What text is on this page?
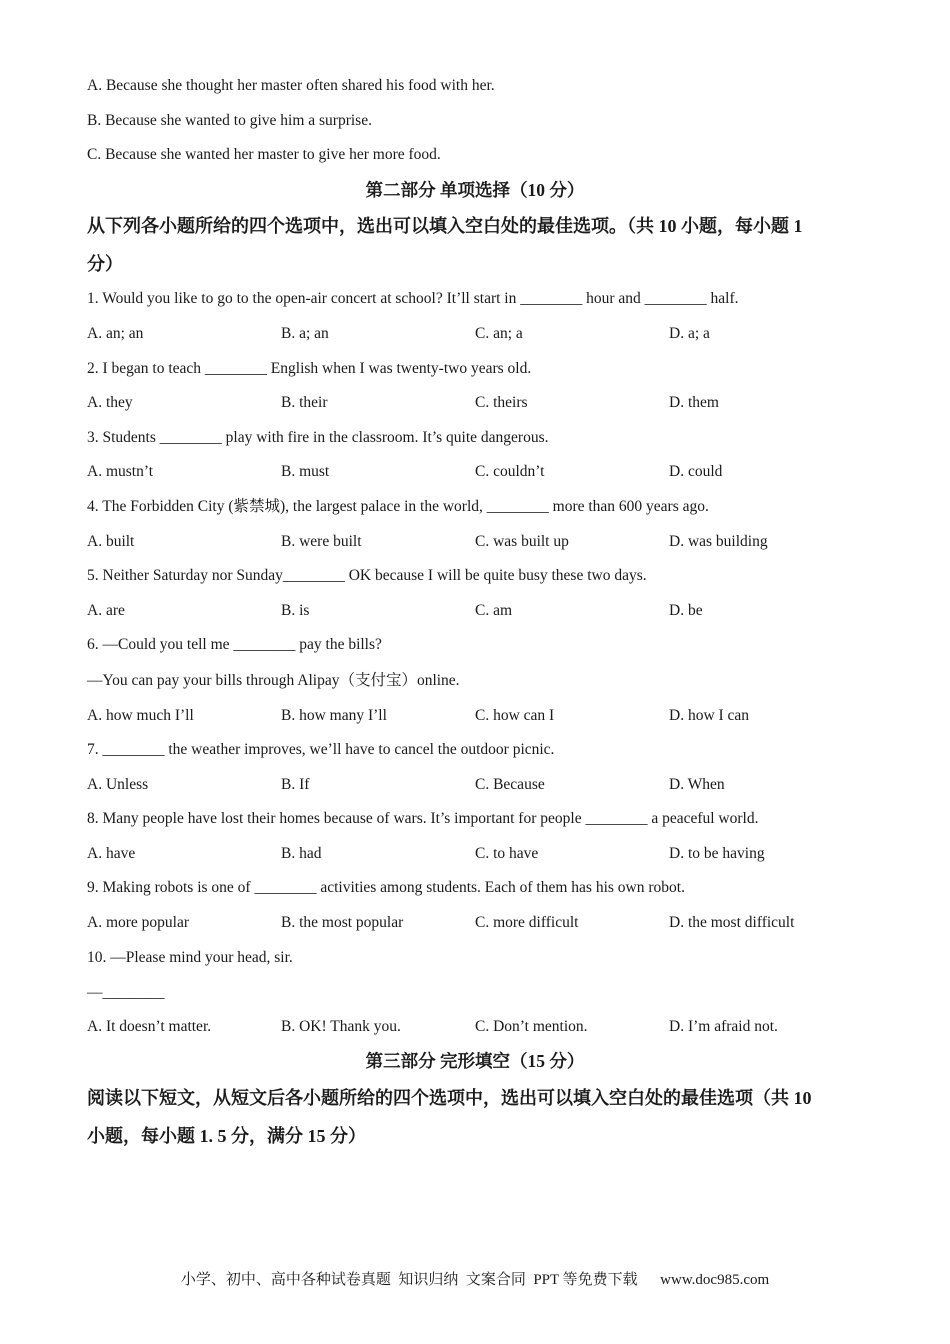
A. Because she thought her master often shared his food with her.
B. Because she wanted to give him a surprise.
C. Because she wanted her master to give her more food.
第二部分 单项选择（10 分）
从下列各小题所给的四个选项中，选出可以填入空白处的最佳选项。（共 10 小题，每小题 1
分）
1. Would you like to go to the open-air concert at school? It’ll start in ________ hour and ________ half.
A. an; an	B. a; an	C. an; a	D. a; a
2. I began to teach ________ English when I was twenty-two years old.
A. they	B. their	C. theirs	D. them
3. Students ________ play with fire in the classroom. It’s quite dangerous.
A. mustn’t	B. must	C. couldn’t	D. could
4. The Forbidden City (紫禁城), the largest palace in the world, ________ more than 600 years ago.
A. built	B. were built	C. was built up	D. was building
5. Neither Saturday nor Sunday________ OK because I will be quite busy these two days.
A. are	B. is	C. am	D. be
6. —Could you tell me ________ pay the bills?
—You can pay your bills through Alipay（支付宝）online.
A. how much I’ll	B. how many I’ll	C. how can I	D. how I can
7. ________ the weather improves, we’ll have to cancel the outdoor picnic.
A. Unless	B. If	C. Because	D. When
8. Many people have lost their homes because of wars. It’s important for people ________ a peaceful world.
A. have	B. had	C. to have	D. to be having
9. Making robots is one of ________ activities among students. Each of them has his own robot.
A. more popular	B. the most popular	C. more difficult	D. the most difficult
10. —Please mind your head, sir.
—________
A. It doesn’t matter.	B. OK! Thank you.	C. Don’t mention.	D. I’m afraid not.
第三部分 完形填空（15 分）
阅读以下短文，从短文后各小题所给的四个选项中，选出可以填入空白处的最佳选项（共 10
小题，每小题 1. 5 分，满分 15 分）
小学、初中、高中各种试卷真题  知识归纳  文案合同  PPT 等免费下载      www.doc985.com
